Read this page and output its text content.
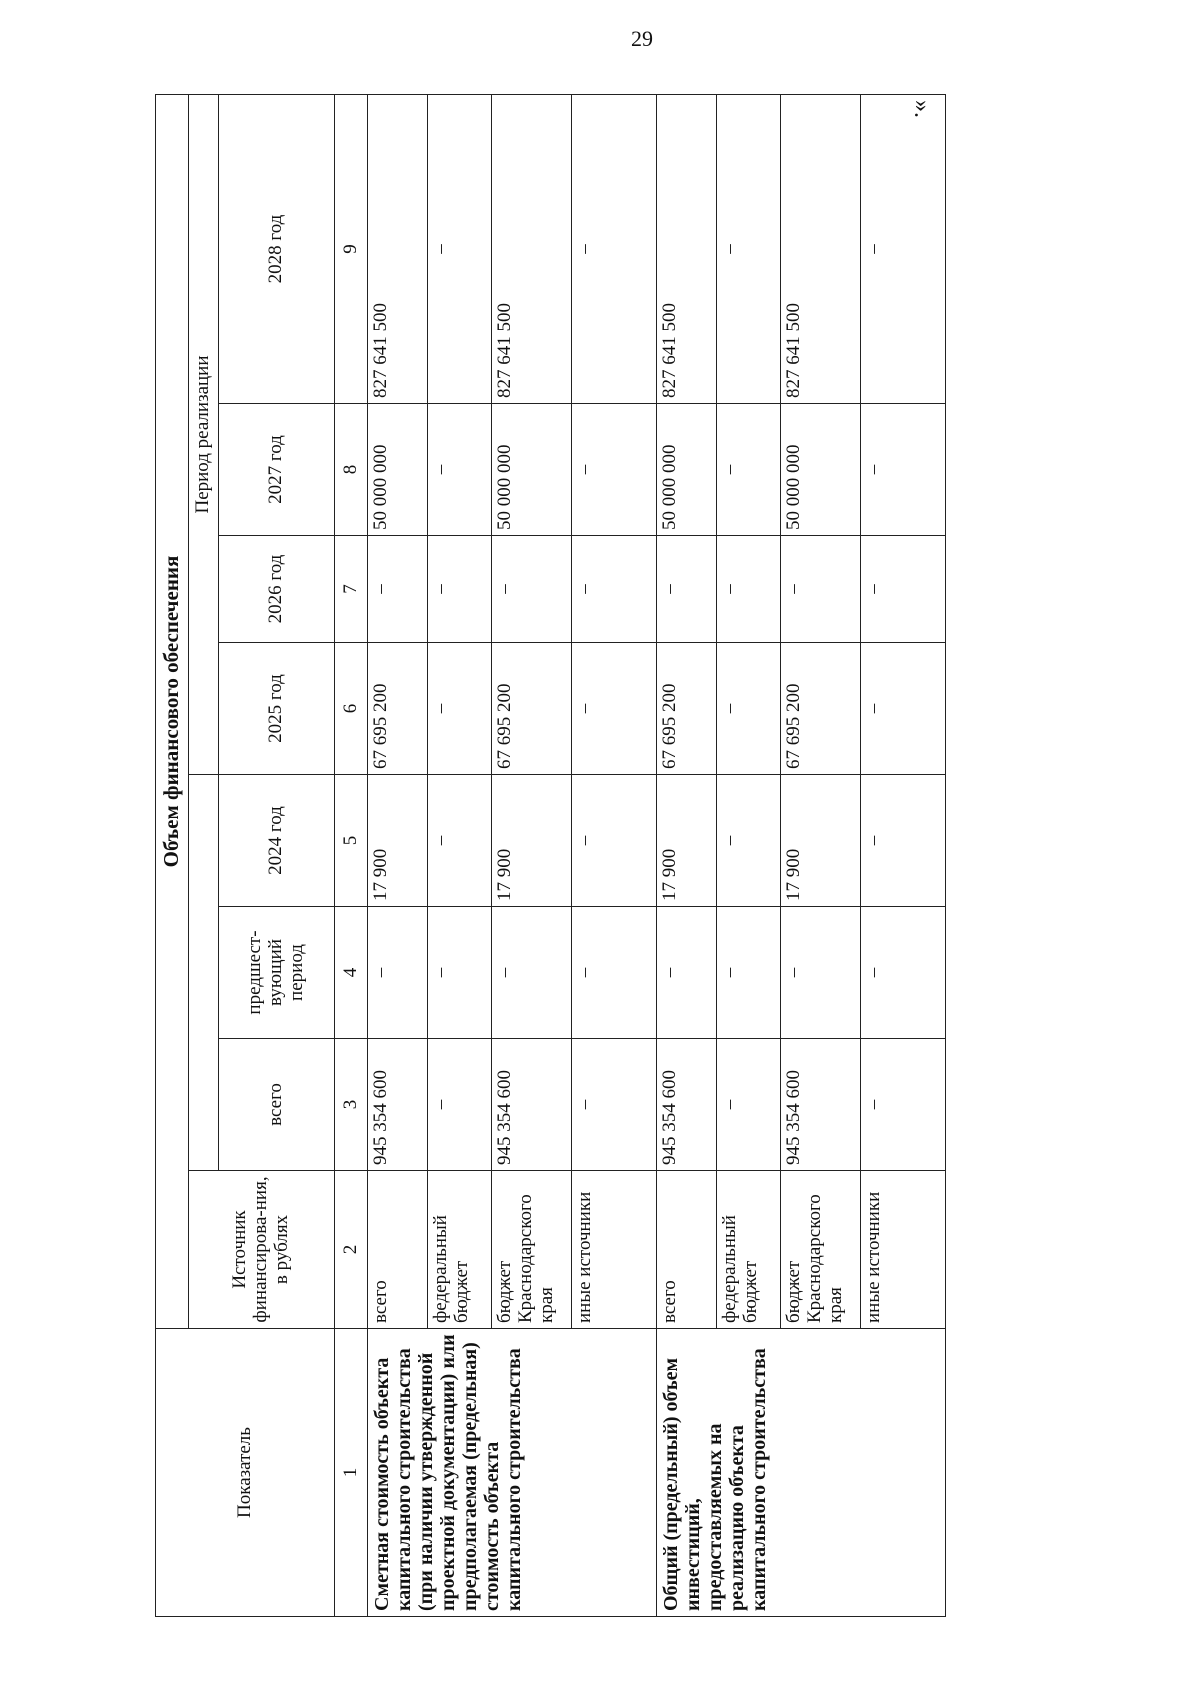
29
Показатель	Объем финансового обеспечения							
	Источник финансирова-ния, в рублях				Период реализации			
		всего	предшест-вующий период	2024 год	2025 год	2026 год	2027 год	2028 год
1	2	3	4	5	6	7	8	9
Сметная стоимость объекта капитального строительства (при наличии утвержденной проектной документации) или предполагаемая (предельная) стоимость объекта капитального строительства	всего	945 354 600	–	17 900	67 695 200	–	50 000 000	827 641 500
	федеральный бюджет	–	–	–	–	–	–	–
	бюджет Краснодарского края	945 354 600	–	17 900	67 695 200	–	50 000 000	827 641 500
	иные источники	–	–	–	–	–	–	–
Общий (предельный) объем инвестиций, предоставляемых на реализацию объекта капитального строительства	всего	945 354 600	–	17 900	67 695 200	–	50 000 000	827 641 500
	федеральный бюджет	–	–	–	–	–	–	–
	бюджет Краснодарского края	945 354 600	–	17 900	67 695 200	–	50 000 000	827 641 500
	иные источники	–	–	–	–	–	–	–
».
